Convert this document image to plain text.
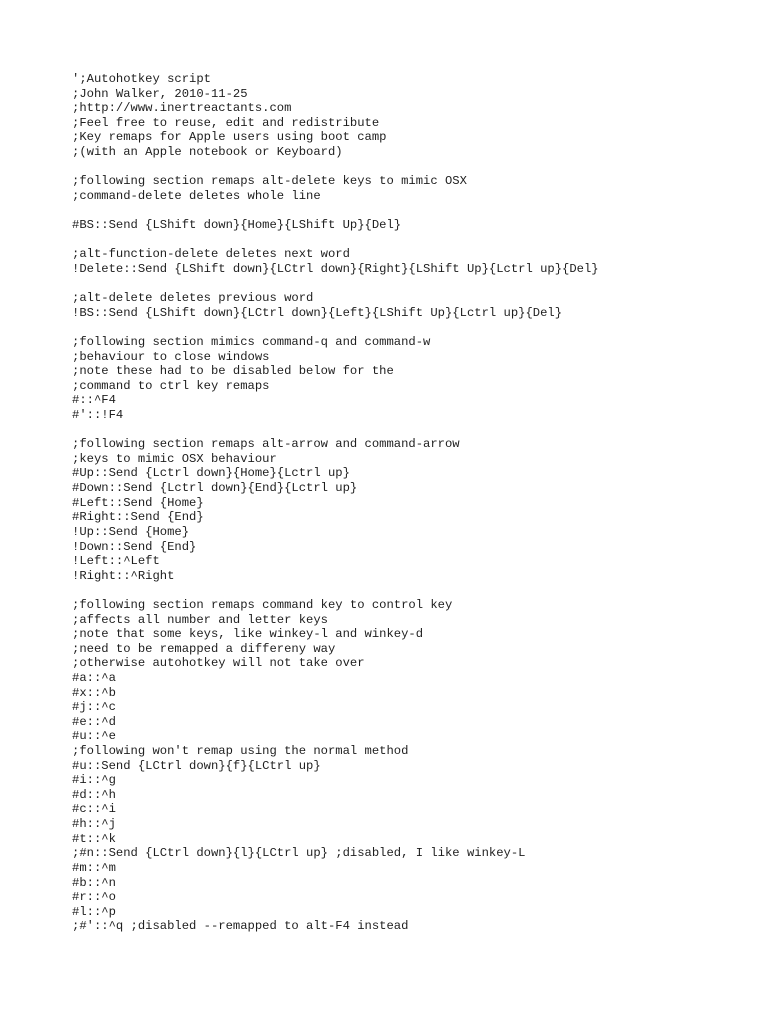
';Autohotkey script
;John Walker, 2010-11-25
;http://www.inertreactants.com
;Feel free to reuse, edit and redistribute
;Key remaps for Apple users using boot camp
;(with an Apple notebook or Keyboard)
;following section remaps alt-delete keys to mimic OSX
;command-delete deletes whole line
#BS::Send {LShift down}{Home}{LShift Up}{Del}
;alt-function-delete deletes next word
!Delete::Send {LShift down}{LCtrl down}{Right}{LShift Up}{Lctrl up}{Del}
;alt-delete deletes previous word
!BS::Send {LShift down}{LCtrl down}{Left}{LShift Up}{Lctrl up}{Del}
;following section mimics command-q and command-w
;behaviour to close windows
;note these had to be disabled below for the
;command to ctrl key remaps
#::^F4
#'::!F4
;following section remaps alt-arrow and command-arrow
;keys to mimic OSX behaviour
#Up::Send {Lctrl down}{Home}{Lctrl up}
#Down::Send {Lctrl down}{End}{Lctrl up}
#Left::Send {Home}
#Right::Send {End}
!Up::Send {Home}
!Down::Send {End}
!Left::^Left
!Right::^Right
;following section remaps command key to control key
;affects all number and letter keys
;note that some keys, like winkey-l and winkey-d
;need to be remapped a differeny way
;otherwise autohotkey will not take over
#a::^a
#x::^b
#j::^c
#e::^d
#u::^e
;following won't remap using the normal method
#u::Send {LCtrl down}{f}{LCtrl up}
#i::^g
#d::^h
#c::^i
#h::^j
#t::^k
;#n::Send {LCtrl down}{l}{LCtrl up} ;disabled, I like winkey-L
#m::^m
#b::^n
#r::^o
#l::^p
;#'::^q ;disabled --remapped to alt-F4 instead
